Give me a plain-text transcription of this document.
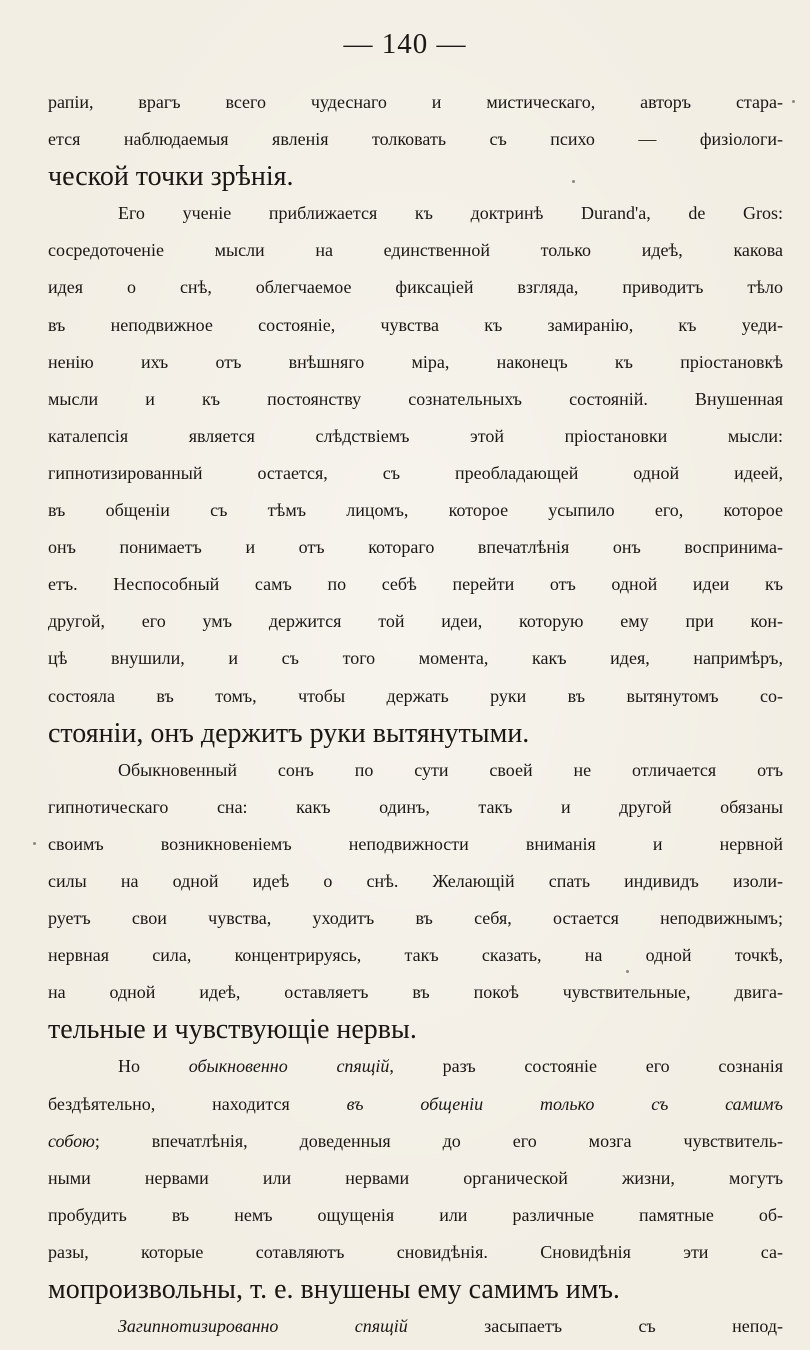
— 140 —
рапіи, врагъ всего чудеснаго и мистическаго, авторъ стара-
ется наблюдаемыя явленія толковать съ психо — физіологи-
ческой точки зрѣнія.
Его ученіе приближается къ доктринѣ Durand'a, de Gros:
сосредоточеніе мысли на единственной только идеѣ, какова
идея о снѣ, облегчаемое фиксаціей взгляда, приводитъ тѣло
въ неподвижное состояніе, чувства къ замиранію, къ уеди-
ненію ихъ отъ внѣшняго міра, наконецъ къ пріостановкѣ
мысли и къ постоянству сознательныхъ состояній. Внушенная
каталепсія является слѣдствіемъ этой пріостановки мысли:
гипнотизированный остается, съ преобладающей одной идеей,
въ общеніи съ тѣмъ лицомъ, которое усыпило его, которое
онъ понимаетъ и отъ котораго впечатлѣнія онъ воспринима-
етъ. Неспособный самъ по себѣ перейти отъ одной идеи къ
другой, его умъ держится той идеи, которую ему при кон-
цѣ внушили, и съ того момента, какъ идея, напримѣръ,
состояла въ томъ, чтобы держать руки въ вытянутомъ со-
стояніи, онъ держитъ руки вытянутыми.
Обыкновенный сонъ по сути своей не отличается отъ
гипнотическаго сна: какъ одинъ, такъ и другой обязаны
своимъ возникновеніемъ неподвижности вниманія и нервной
силы на одной идеѣ о снѣ. Желающій спать индивидъ изоли-
руетъ свои чувства, уходитъ въ себя, остается неподвижнымъ;
нервная сила, концентрируясь, такъ сказать, на одной точкѣ,
на одной идеѣ, оставляетъ въ покоѣ чувствительные, двига-
тельные и чувствующіе нервы.
Но обыкновенно спящій, разъ состояніе его сознанія
бездѣятельно, находится въ общеніи только съ самимъ
собою; впечатлѣнія, доведенныя до его мозга чувствитель-
ными нервами или нервами органической жизни, могутъ
пробудить въ немъ ощущенія или различные памятные об-
разы, которые сотавляютъ сновидѣнія. Сновидѣнія эти са-
мопроизвольны, т. е. внушены ему самимъ имъ.
Загипнотизированно спящій засыпаетъ съ непод-
